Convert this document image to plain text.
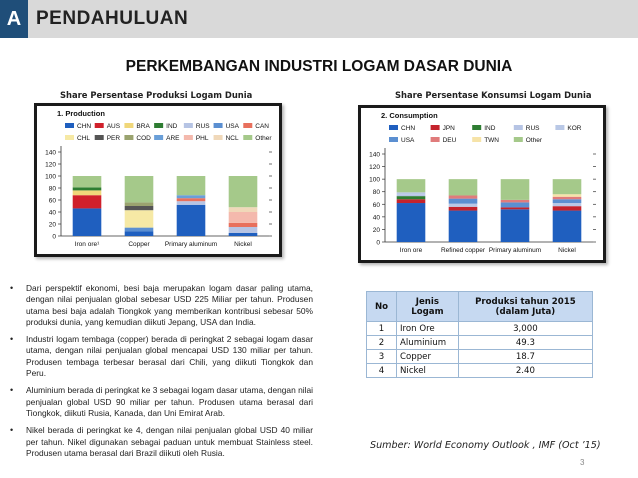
A PENDAHULUAN
PERKEMBANGAN INDUSTRI LOGAM DASAR DUNIA
Share Persentase Produksi Logam Dunia	Share Persentase Konsumsi Logam Dunia
1. Production
CHN AUS	BRA	IND	RUS USA	CAN
CHL	PER	COD ARE	PHL	NCL	Other
0
20
40
60
80
100
120
140
Iron ore¹	Copper Primary aluminum	Nickel
2. Consumption
CHN	JPN	IND	RUS	KOR
USA	DEU	TWN	Other
0
20
40
60
80
100
120
140
Iron ore	Refined copper Primary aluminum	Nickel
• Dari perspektif ekonomi, besi baja merupakan logam dasar paling utama, dengan nilai penjualan global sebesar USD 225 Miliar per tahun. Produsen utama besi baja adalah Tiongkok yang memberikan kontribusi sebesar 50% produksi dunia, yang kemudian diikuti Jepang, USA dan India.
• Industri logam tembaga (copper) berada di peringkat 2 sebagai logam dasar utama, dengan nilai penjualan global mencapai USD 130 miliar per tahun. Produsen tembaga terbesar berasal dari Chili, yang diikuti Tiongkok dan Peru.
• Aluminium berada di peringkat ke 3 sebagai logam dasar utama, dengan nilai penjualan global USD 90 miliar per tahun. Produsen utama berasal dari Tiongkok, diikuti Rusia, Kanada, dan Uni Emirat Arab.
• Nikel berada di peringkat ke 4, dengan nilai penjualan global USD 40 miliar per tahun. Nikel digunakan sebagai paduan untuk membuat Stainless steel. Produsen utama berasal dari Brazil diikuti oleh Rusia.
No	Jenis Logam	Produksi tahun 2015 (dalam Juta)
1	Iron Ore	3,000
2	Aluminium	49.3
3	Copper	18.7
4	Nickel	2.40
Sumber: World Economy Outlook , IMF (Oct ’15)
3
